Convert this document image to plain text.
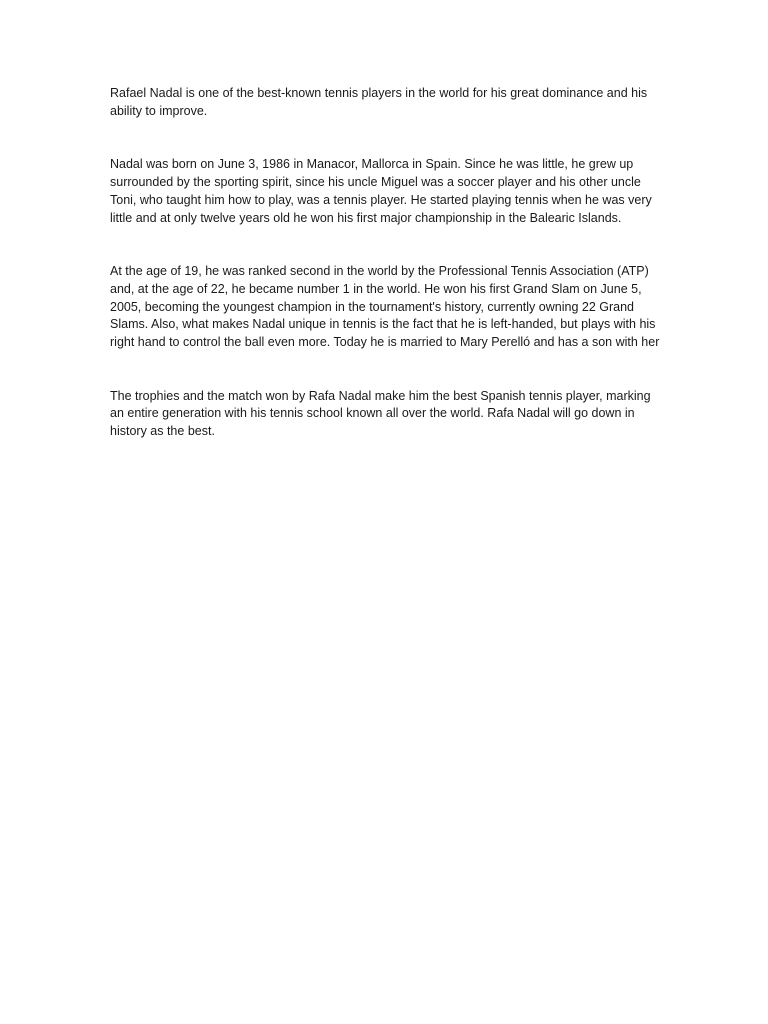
Rafael Nadal is one of the best-known tennis players in the world for his great dominance and his ability to improve.

Nadal was born on June 3, 1986 in Manacor, Mallorca in Spain. Since he was little, he grew up surrounded by the sporting spirit, since his uncle Miguel was a soccer player and his other uncle Toni, who taught him how to play, was a tennis player. He started playing tennis when he was very little and at only twelve years old he won his first major championship in the Balearic Islands.

At the age of 19, he was ranked second in the world by the Professional Tennis Association (ATP) and, at the age of 22, he became number 1 in the world. He won his first Grand Slam on June 5, 2005, becoming the youngest champion in the tournament's history, currently owning 22 Grand Slams. Also, what makes Nadal unique in tennis is the fact that he is left-handed, but plays with his right hand to control the ball even more. Today he is married to Mary Perelló and has a son with her

The trophies and the match won by Rafa Nadal make him the best Spanish tennis player, marking an entire generation with his tennis school known all over the world. Rafa Nadal will go down in history as the best.
